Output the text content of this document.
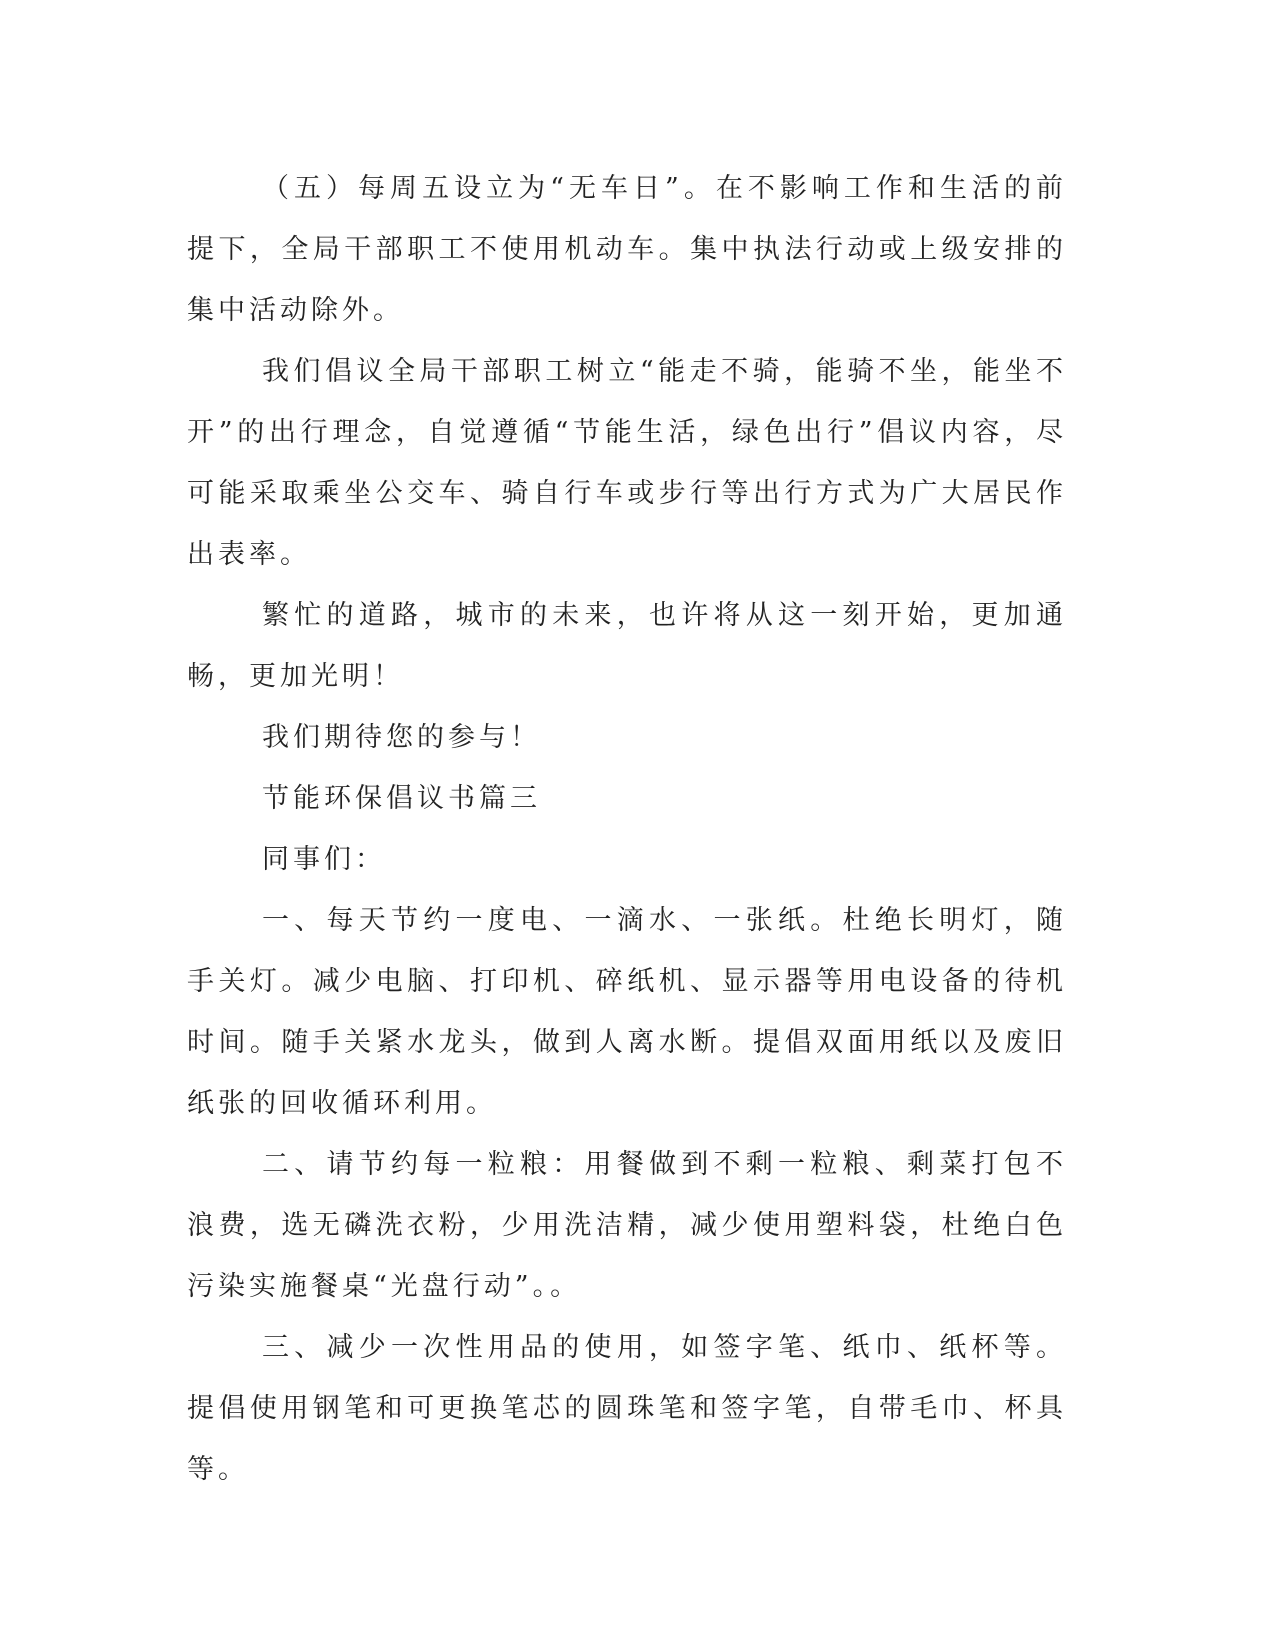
（五）每周五设立为“无车日”。在不影响工作和生活的前提下，全局干部职工不使用机动车。集中执法行动或上级安排的集中活动除外。

我们倡议全局干部职工树立“能走不骑，能骑不坐，能坐不开”的出行理念，自觉遵循“节能生活，绿色出行”倡议内容，尽可能采取乘坐公交车、骑自行车或步行等出行方式为广大居民作出表率。

繁忙的道路，城市的未来，也许将从这一刻开始，更加通畅，更加光明！

我们期待您的参与！

节能环保倡议书篇三

同事们：

一、每天节约一度电、一滴水、一张纸。杜绝长明灯，随手关灯。减少电脑、打印机、碎纸机、显示器等用电设备的待机时间。随手关紧水龙头，做到人离水断。提倡双面用纸以及废旧纸张的回收循环利用。

二、请节约每一粒粮：用餐做到不剩一粒粮、剩菜打包不浪费，选无磷洗衣粉，少用洗洁精，减少使用塑料袋，杜绝白色污染实施餐桌“光盘行动”。。

三、减少一次性用品的使用，如签字笔、纸巾、纸杯等。提倡使用钢笔和可更换笔芯的圆珠笔和签字笔，自带毛巾、杯具等。
